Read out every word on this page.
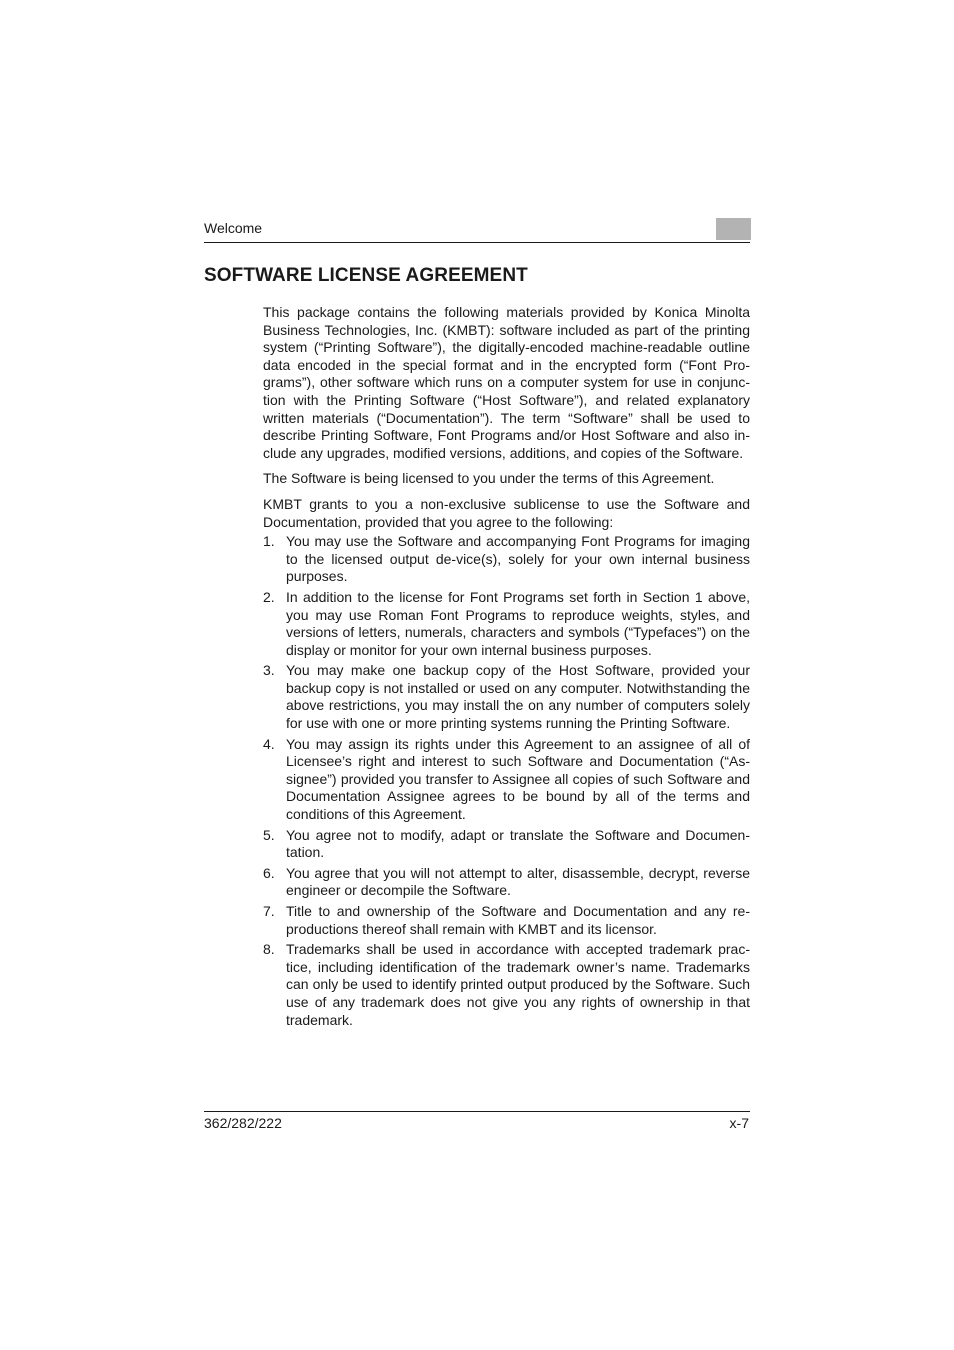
Welcome
SOFTWARE LICENSE AGREEMENT

This package contains the following materials provided by Konica Minolta Business Technologies, Inc. (KMBT): software included as part of the printing system (“Printing Software”), the digitally-encoded machine-readable outline data encoded in the special format and in the encrypted form (“Font Programs”), other software which runs on a computer system for use in conjunction with the Printing Software (“Host Software”), and related explanatory written materials (“Documentation”). The term “Software” shall be used to describe Printing Software, Font Programs and/or Host Software and also include any upgrades, modified versions, additions, and copies of the Software.

The Software is being licensed to you under the terms of this Agreement.

KMBT grants to you a non-exclusive sublicense to use the Software and Documentation, provided that you agree to the following:

1. You may use the Software and accompanying Font Programs for imaging to the licensed output de-vice(s), solely for your own internal business purposes.
2. In addition to the license for Font Programs set forth in Section 1 above, you may use Roman Font Programs to reproduce weights, styles, and versions of letters, numerals, characters and symbols (“Typefaces”) on the display or monitor for your own internal business purposes.
3. You may make one backup copy of the Host Software, provided your backup copy is not installed or used on any computer. Notwithstanding the above restrictions, you may install the on any number of computers solely for use with one or more printing systems running the Printing Software.
4. You may assign its rights under this Agreement to an assignee of all of Licensee’s right and interest to such Software and Documentation (“Assignee”) provided you transfer to Assignee all copies of such Software and Documentation Assignee agrees to be bound by all of the terms and conditions of this Agreement.
5. You agree not to modify, adapt or translate the Software and Documentation.
6. You agree that you will not attempt to alter, disassemble, decrypt, reverse engineer or decompile the Software.
7. Title to and ownership of the Software and Documentation and any reproductions thereof shall remain with KMBT and its licensor.
8. Trademarks shall be used in accordance with accepted trademark practice, including identification of the trademark owner’s name. Trademarks can only be used to identify printed output produced by the Software. Such use of any trademark does not give you any rights of ownership in that trademark.
362/282/222	x-7
